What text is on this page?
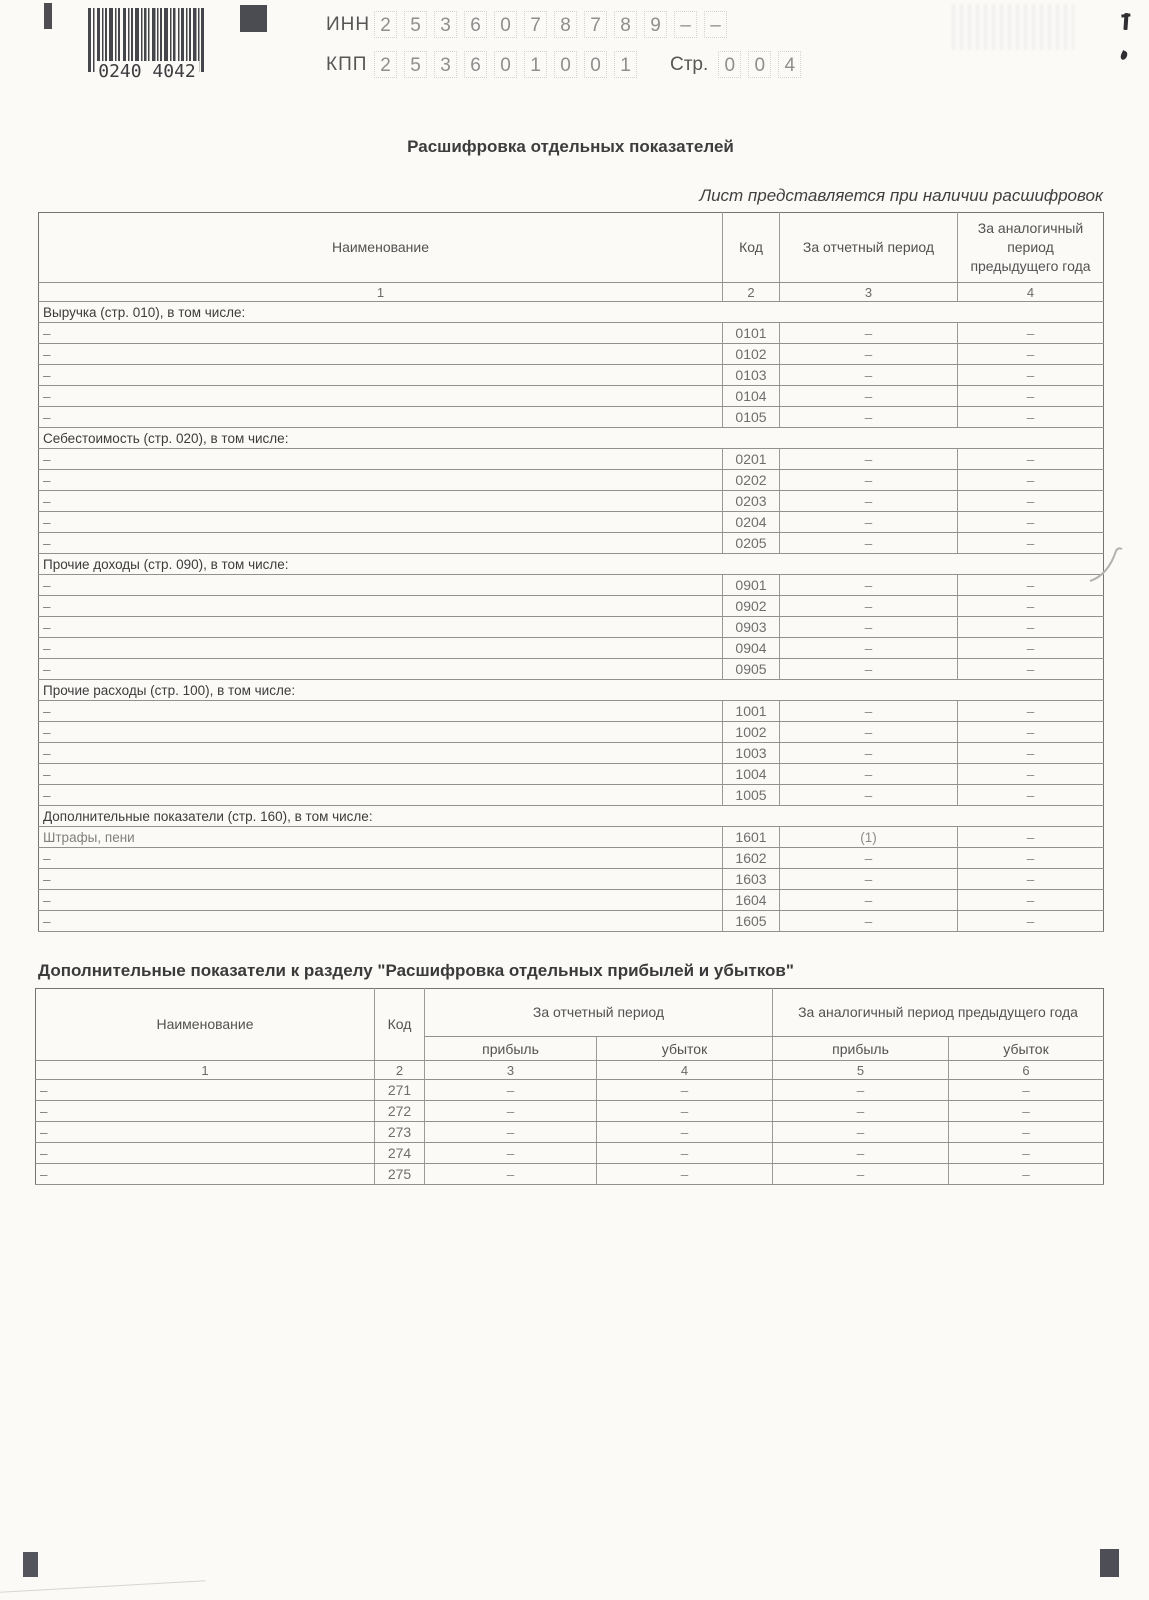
0240 4042
ИНН 2	5	3	6	0	7	8	7	8	9	–	–
КПП 2	5	3	6	0	1	0	0	1	Стр. 0	0	4
Расшифровка отдельных показателей
Лист представляется при наличии расшифровок
Наименование	Код	За отчетный период	За аналогичный период предыдущего года
1	2	3	4
Выручка (стр. 010), в том числе:			
–	0101	–	–
–	0102	–	–
–	0103	–	–
–	0104	–	–
–	0105	–	–
Себестоимость (стр. 020), в том числе:			
–	0201	–	–
–	0202	–	–
–	0203	–	–
–	0204	–	–
–	0205	–	–
Прочие доходы (стр. 090), в том числе:			
–	0901	–	–
–	0902	–	–
–	0903	–	–
–	0904	–	–
–	0905	–	–
Прочие расходы (стр. 100), в том числе:			
–	1001	–	–
–	1002	–	–
–	1003	–	–
–	1004	–	–
–	1005	–	–
Дополнительные показатели (стр. 160), в том числе:			
Штрафы, пени	1601	(1)	–
–	1602	–	–
–	1603	–	–
–	1604	–	–
–	1605	–	–
Дополнительные показатели к разделу "Расшифровка отдельных прибылей и убытков"
Наименование	Код	За отчетный период		За аналогичный период предыдущего года	
		прибыль	убыток	прибыль	убыток
1	2	3	4	5	6
–	271	–	–	–	–
–	272	–	–	–	–
–	273	–	–	–	–
–	274	–	–	–	–
–	275	–	–	–	–
